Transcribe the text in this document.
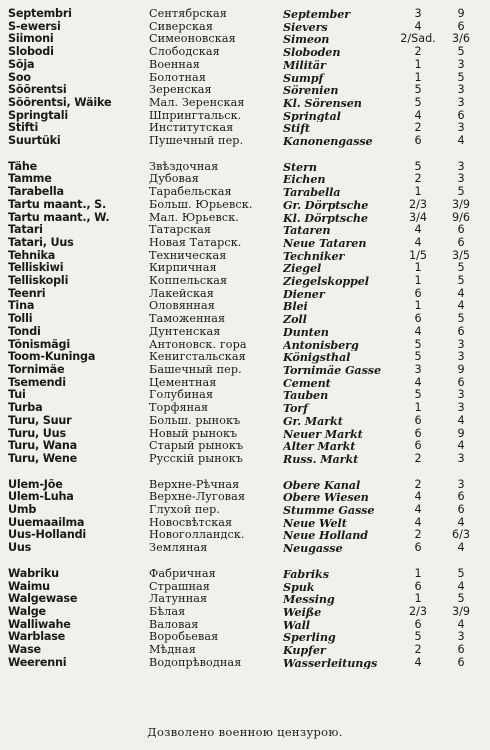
Septembri	Сентябрская	September	3	9
S-ewersi	Сиверская	Sievers	4	6
Siimoni	Симеоновская	Simeon	2/Sad.	3/6
Slobodi	Слободская	Sloboden	2	5
Sõja	Военная	Militär	1	3
Soo	Болотная	Sumpf	1	5
Sõõrentsi	Зеренская	Sörenien	5	3
Sõõrentsi, Wäike	Мал. Зеренская	Kl. Sörensen	5	3
Springtali	Шпрингтальск.	Springtal	4	6
Stifti	Институтская	Stift	2	3
Suurtüki	Пушечный пер.	Kanonengasse	6	4

Tähe	Звѣздочная	Stern	5	3
Tamme	Дубовая	Eichen	2	3
Tarabella	Тарабельская	Tarabella	1	5
Tartu maant., S.	Больш. Юрьевск.	Gr. Dörptsche	2/3	3/9
Tartu maant., W.	Мал. Юрьевск.	Kl. Dörptsche	3/4	9/6
Tatari	Татарская	Tataren	4	6
Tatari, Uus	Новая Татарск.	Neue Tataren	4	6
Tehnika	Техническая	Techniker	1/5	3/5
Telliskiwi	Кирпичная	Ziegel	1	5
Telliskopli	Коппельская	Ziegelskoppel	1	5
Teenri	Лакейская	Diener	6	4
Tina	Оловянная	Blei	1	4
Tolli	Таможенная	Zoll	6	5
Tondi	Дунтенская	Dunten	4	6
Tõnismägi	Антоновск. гора	Antonisberg	5	3
Toom-Kuninga	Кенигстальская	Königsthal	5	3
Tornimäe	Башечный пер.	Tornimäe Gasse	3	9
Tsemendi	Цементная	Cement	4	6
Tui	Голубиная	Tauben	5	3
Turba	Торфяная	Torf	1	3
Turu, Suur	Больш. рынокъ	Gr. Markt	6	4
Turu, Uus	Новый рынокъ	Neuer Markt	6	9
Turu, Wana	Старый рынокъ	Alter Markt	6	4
Turu, Wene	Русскій рынокъ	Russ. Markt	2	3

Ülem-Jõe	Верхне-Рѣчная	Obere Kanal	2	3
Ülem-Luha	Верхне-Луговая	Obere Wiesen	4	6
Umb	Глухой пер.	Stumme Gasse	4	6
Uuemaailma	Новосвѣтская	Neue Welt	4	4
Uus-Hollandi	Новоголландск.	Neue Holland	2	6/3
Uus	Земляная	Neugasse	6	4

Wabriku	Фабричная	Fabriks	1	5
Waimu	Страшная	Spuk	6	4
Walgewase	Латунная	Messing	1	5
Walge	Бѣлая	Weiße	2/3	3/9
Walliwahe	Валовая	Wall	6	4
Warblase	Воробьевая	Sperling	5	3
Wase	Мѣдная	Kupfer	2	6
Weerenni	Водопрѣводная	Wasserleitungs	4	6
Дозволено военною цензурою.
